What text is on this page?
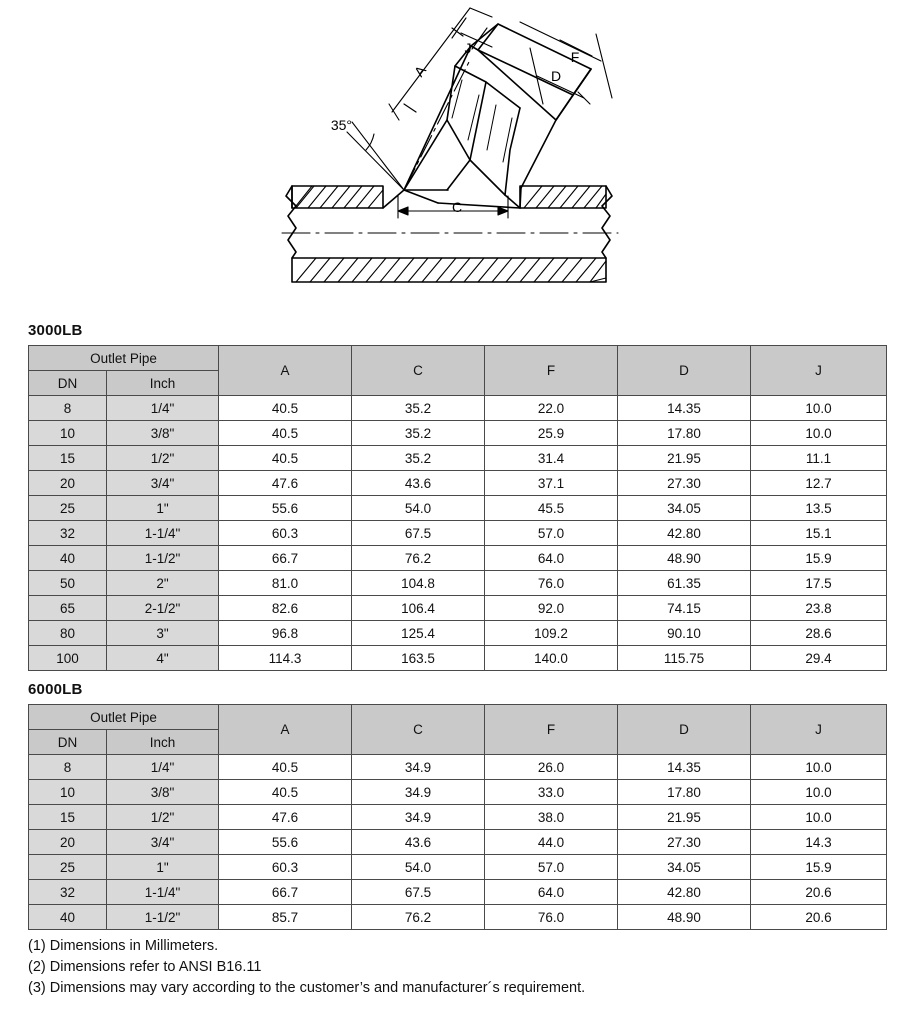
A
J
F
D
C
35°
3000LB
Outlet Pipe		A	C	F	D	J
DN	Inch					
8	1/4"	40.5	35.2	22.0	14.35	10.0
10	3/8"	40.5	35.2	25.9	17.80	10.0
15	1/2"	40.5	35.2	31.4	21.95	11.1
20	3/4"	47.6	43.6	37.1	27.30	12.7
25	1"	55.6	54.0	45.5	34.05	13.5
32	1-1/4"	60.3	67.5	57.0	42.80	15.1
40	1-1/2"	66.7	76.2	64.0	48.90	15.9
50	2"	81.0	104.8	76.0	61.35	17.5
65	2-1/2"	82.6	106.4	92.0	74.15	23.8
80	3"	96.8	125.4	109.2	90.10	28.6
100	4"	114.3	163.5	140.0	115.75	29.4
6000LB
Outlet Pipe		A	C	F	D	J
DN	Inch					
8	1/4"	40.5	34.9	26.0	14.35	10.0
10	3/8"	40.5	34.9	33.0	17.80	10.0
15	1/2"	47.6	34.9	38.0	21.95	10.0
20	3/4"	55.6	43.6	44.0	27.30	14.3
25	1"	60.3	54.0	57.0	34.05	15.9
32	1-1/4"	66.7	67.5	64.0	42.80	20.6
40	1-1/2"	85.7	76.2	76.0	48.90	20.6
(1) Dimensions in Millimeters.
(2) Dimensions refer to ANSI B16.11
(3) Dimensions may vary according to the customer’s and manufacturer´s requirement.
